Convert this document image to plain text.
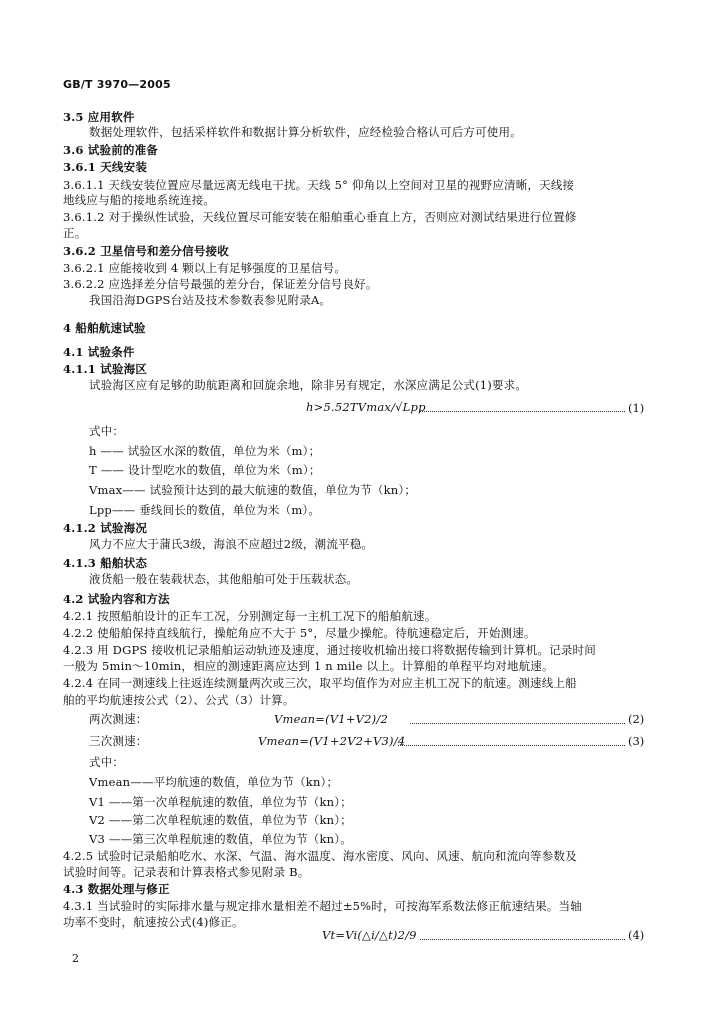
GB/T 3970—2005
3.5 应用软件
数据处理软件，包括采样软件和数据计算分析软件，应经检验合格认可后方可使用。
3.6 试验前的准备
3.6.1 天线安装
3.6.1.1 天线安装位置应尽量远离无线电干扰。天线 5° 仰角以上空间对卫星的视野应清晰，天线接
地线应与船的接地系统连接。
3.6.1.2 对于操纵性试验，天线位置尽可能安装在船舶重心垂直上方，否则应对测试结果进行位置修
正。
3.6.2 卫星信号和差分信号接收
3.6.2.1 应能接收到 4 颗以上有足够强度的卫星信号。
3.6.2.2 应选择差分信号最强的差分台，保证差分信号良好。
我国沿海DGPS台站及技术参数表参见附录A。
4 船舶航速试验
4.1 试验条件
4.1.1 试验海区
试验海区应有足够的助航距离和回旋余地，除非另有规定，水深应满足公式(1)要求。
h>5.52TVmax/√Lpp	(1)
式中：
h —— 试验区水深的数值，单位为米（m）；
T —— 设计型吃水的数值，单位为米（m）；
Vmax—— 试验预计达到的最大航速的数值，单位为节（kn）；
Lpp—— 垂线间长的数值，单位为米（m）。
4.1.2 试验海况
风力不应大于蒲氏3级，海浪不应超过2级，潮流平稳。
4.1.3 船舶状态
液货船一般在装载状态，其他船舶可处于压载状态。
4.2 试验内容和方法
4.2.1 按照船舶设计的正车工况，分别测定每一主机工况下的船舶航速。
4.2.2 使船舶保持直线航行，操舵角应不大于 5°，尽量少操舵。待航速稳定后，开始测速。
4.2.3 用 DGPS 接收机记录船舶运动轨迹及速度，通过接收机输出接口将数据传输到计算机。记录时间
一般为 5min～10min，相应的测速距离应达到 1 n mile 以上。计算船的单程平均对地航速。
4.2.4 在同一测速线上往返连续测量两次或三次，取平均值作为对应主机工况下的航速。测速线上船
舶的平均航速按公式（2）、公式（3）计算。
两次测速：	Vmean=(V1+V2)/2	(2)
三次测速：	Vmean=(V1+2V2+V3)/4	(3)
式中：
Vmean——平均航速的数值，单位为节（kn）；
V1 ——第一次单程航速的数值，单位为节（kn）；
V2 ——第二次单程航速的数值，单位为节（kn）；
V3 ——第三次单程航速的数值，单位为节（kn）。
4.2.5 试验时记录船舶吃水、水深、气温、海水温度、海水密度、风向、风速、航向和流向等参数及
试验时间等。记录表和计算表格式参见附录 B。
4.3 数据处理与修正
4.3.1 当试验时的实际排水量与规定排水量相差不超过±5%时，可按海军系数法修正航速结果。当轴
功率不变时，航速按公式(4)修正。
Vt=Vi(△i/△t)2/9	(4)
2
